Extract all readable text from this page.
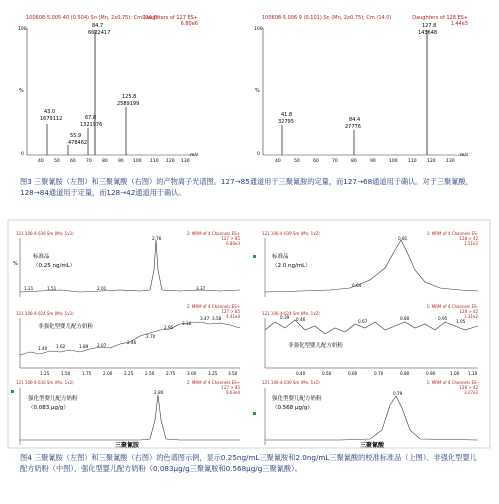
100608-5.005 40 (0.504) Sn (Mn, 2x0.75); Cm (14.0)
Daughters of 127 ES+
6.80e6
100
%
0
43.0
1679112
55.9
478462
67.8
1321976
84.7
6622417
125.8
2589199
40 50 60 70 80 90 100 110 120 130
m/z
100608-5.006 9 (0.101) Sn (Mn, 2x0.75); Cm (14.0)	Daughters of 128 ES+
1.44e5
100
%
0
41.8
32795	84.4
27776
127.8
143648
40	50	60	70	80	90	100 110 120 130
m/z
121 106-4-039 Sm (Mn, 1x2)	2: MRM of 4 Channels ES+
127 > 85
6.80e3
%
标准品
（0.25 ng/mL）
1.21	1.51	2.01
2.76
3.37
121 106-4-024 Sm (Mn, 1x2)
2: MRM of 4 Channels ES+
127 > 85
4.41e4
非强化型婴儿配方奶粉
1.40 1.62	1.89 2.07
2.46
2.70
2.95
3.16
3.47 3.58
1.25	1.50	1.75	2.00	2.25	2.50	2.75	3.00	3.25	3.50
121 106-4-030 Sm (Mn, 1x2)	2: MRM of 4 Channels ES+
127 > 85
9.63e4
强化型婴儿配方奶粉
（0.083 μg/g）
2.80
三聚氰胺
121 106-4-039 Sm (Mn, 1x2)	1: MRM of 4 Channels ES-
128 > 42
1.51e2
标准品
（2.0 ng/mL）
0.81
0.64
121 106-4-024 Sm (Mn, 1x2)
1: MRM of 4 Channels ES-
128 > 42
1.31e2
0.39 0.46	0.67
0.80	0.95
1.05
非强化型婴儿配方奶粉
0.40	0.50	0.60	0.70	0.80	0.90	1.00 1.10
121 106-4-030 Sm (Mn, 1x2)	1: MRM of 4 Channels ES-
128 > 42
3.27e3
强化型婴儿配方奶粉
（0.568 μg/g）
0.79
三聚氰酸
图3 三聚氰胺（左图）和三聚氰酸（右图）的产物离子光谱图。127→85通道用于三聚氰胺的定量，而127→68通道用于确认。对于三聚氰酸，128→84通道用于定量，而128→42通道用于确认。
图4 三聚氰胺（左图）和三聚氰酸（右图）的色谱图示例，显示0.25ng/mL三聚氰胺和2.0ng/mL三聚氰酸的校准标准品（上图）、非强化型婴儿配方奶粉（中图）、强化型婴儿配方奶粉（0.083μg/g三聚氰胺和0.568μg/g三聚氰酸）。
